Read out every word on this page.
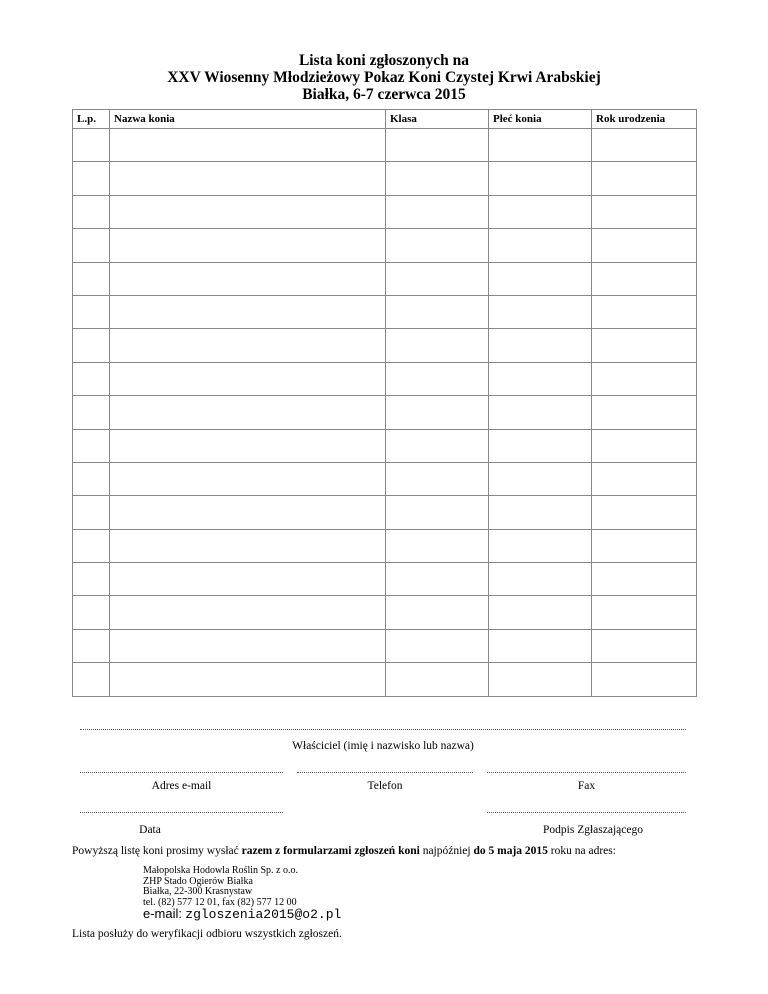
Lista koni zgłoszonych na
XXV Wiosenny Młodzieżowy Pokaz Koni Czystej Krwi Arabskiej
Białka, 6-7 czerwca 2015
L.p.	Nazwa konia	Klasa	Płeć konia	Rok urodzenia

Właściciel (imię i nazwisko lub nazwa)
Adres e-mail	Telefon	Fax
Data	Podpis Zgłaszającego
Powyższą listę koni prosimy wysłać razem z formularzami zgłoszeń koni najpóźniej do 5 maja 2015 roku na adres:
Małopolska Hodowla Roślin Sp. z o.o.
ZHP Stado Ogierów Białka
Białka, 22-300 Krasnystaw
tel. (82) 577 12 01, fax (82) 577 12 00
e-mail: zgloszenia2015@o2.pl
Lista posłuży do weryfikacji odbioru wszystkich zgłoszeń.
